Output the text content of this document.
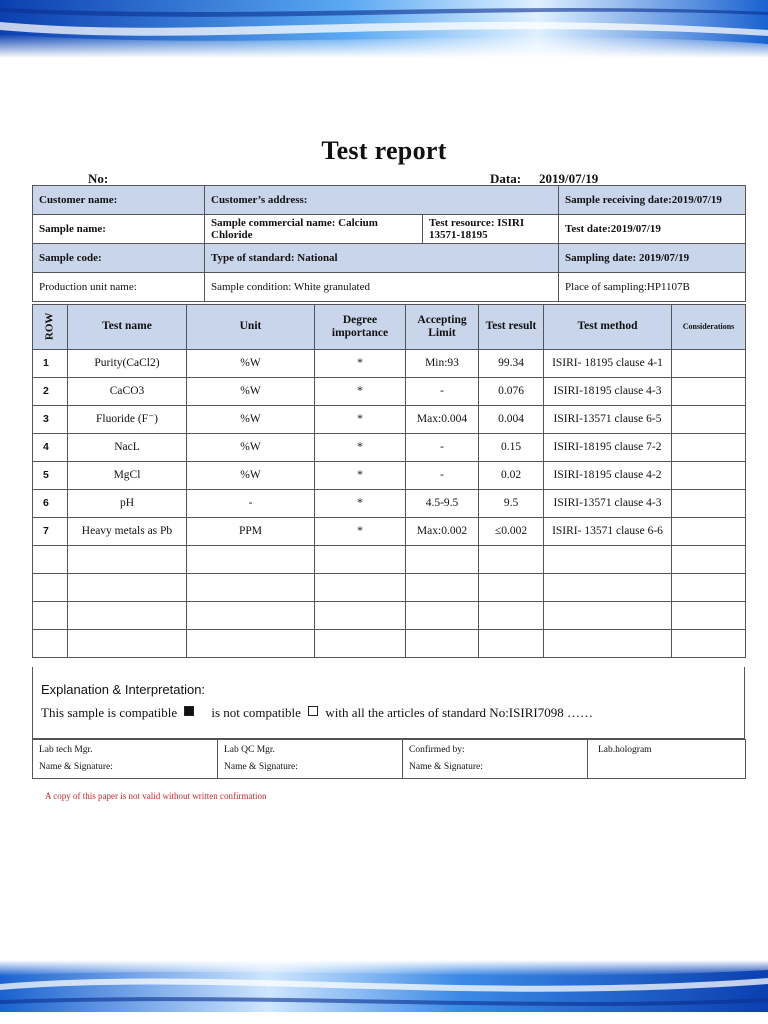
Test report
No:	Data: 2019/07/19
Customer name:	Customer’s address:		Sample receiving date:2019/07/19
Sample name:	Sample commercial name: Calcium Chloride	Test resource: ISIRI 13571-18195	Test date:2019/07/19
Sample code:	Type of standard: National		Sampling date: 2019/07/19
Production unit name:	Sample condition: White granulated		Place of sampling:HP1107B
ROW	Test name	Unit	Degree importance	Accepting Limit	Test result	Test method	Considerations
1	Purity(CaCl2)	%W	*	Min:93	99.34	ISIRI- 18195 clause 4-1	
2	CaCO3	%W	*	-	0.076	ISIRI-18195 clause 4-3	
3	Fluoride (F⁻)	%W	*	Max:0.004	0.004	ISIRI-13571 clause 6-5	
4	NacL	%W	*	-	0.15	ISIRI-18195 clause 7-2	
5	MgCl	%W	*	-	0.02	ISIRI-18195 clause 4-2	
6	pH	-	*	4.5-9.5	9.5	ISIRI-13571 clause 4-3	
7	Heavy metals as Pb	PPM	*	Max:0.002	≤0.002	ISIRI- 13571 clause 6-6	

Explanation & Interpretation:
This sample is compatible	is not compatible with all the articles of standard No:ISIRI7098 ……
Lab tech Mgr.
Name & Signature:

Lab QC Mgr.
Name & Signature:

Confirmed by:
Name & Signature:

Lab.hologram
A copy of this paper is not valid without written confirmation
